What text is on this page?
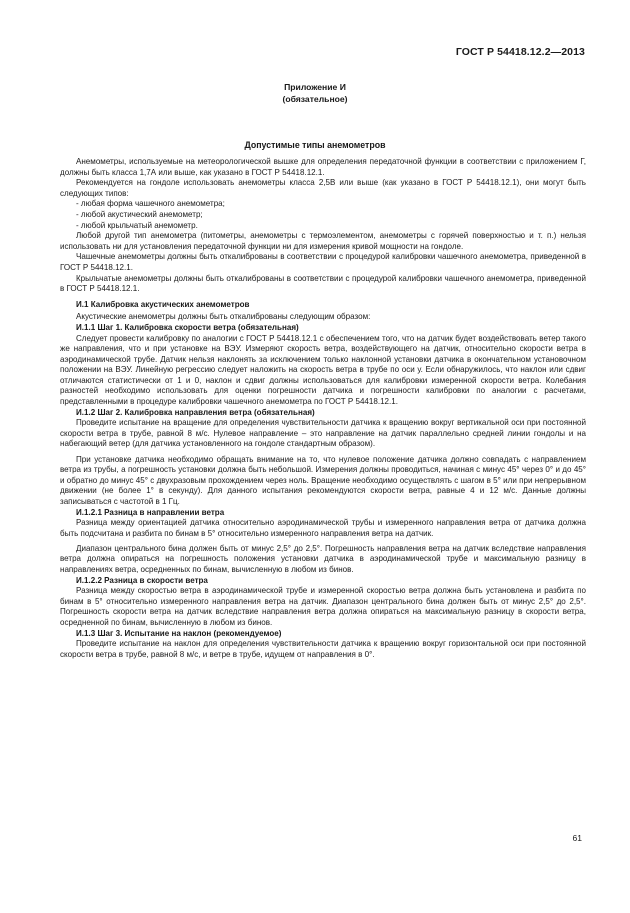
ГОСТ Р 54418.12.2—2013
Приложение И
(обязательное)
Допустимые типы анемометров

Анемометры, используемые на метеорологической вышке для определения передаточной функции в соответствии с приложением Г, должны быть класса 1,7А или выше, как указано в ГОСТ Р 54418.12.1.

Рекомендуется на гондоле использовать анемометры класса 2,5B или выше (как указано в ГОСТ Р 54418.12.1), они могут быть следующих типов:

- любая форма чашечного анемометра;

- любой акустический анемометр;

- любой крыльчатый анемометр.

Любой другой тип анемометра (питометры, анемометры с термоэлементом, анемометры с горячей поверхностью и т. п.) нельзя использовать ни для установления передаточной функции ни для измерения кривой мощности на гондоле.

Чашечные анемометры должны быть откалиброваны в соответствии с процедурой калибровки чашечного анемометра, приведенной в ГОСТ Р 54418.12.1.

Крыльчатые анемометры должны быть откалиброваны в соответствии с процедурой калибровки чашечного анемометра, приведенной в ГОСТ Р 54418.12.1.

И.1 Калибровка акустических анемометров

Акустические анемометры должны быть откалиброваны следующим образом:

И.1.1 Шаг 1. Калибровка скорости ветра (обязательная)

Следует провести калибровку по аналогии с ГОСТ Р 54418.12.1 с обеспечением того, что на датчик будет воздействовать ветер такого же направления, что и при установке на ВЭУ. Измеряют скорость ветра, воздействующего на датчик, относительно скорости ветра в аэродинамической трубе. Датчик нельзя наклонять за исключением только наклонной установки датчика в окончательном установочном положении на ВЭУ. Линейную регрессию следует наложить на скорость ветра в трубе по оси у. Если обнаружилось, что наклон или сдвиг отличаются статистически от 1 и 0, наклон и сдвиг должны использоваться для калибровки измеренной скорости ветра. Колебания разностей необходимо использовать для оценки погрешности датчика и погрешности калибровки по аналогии с расчетами, представленными в процедуре калибровки чашечного анемометра по ГОСТ Р 54418.12.1.

И.1.2 Шаг 2. Калибровка направления ветра (обязательная)

Проведите испытание на вращение для определения чувствительности датчика к вращению вокруг вертикальной оси при постоянной скорости ветра в трубе, равной 8 м/с. Нулевое направление – это направление на датчик параллельно средней линии гондолы и на набегающий ветер (для датчика установленного на гондоле стандартным образом).

При установке датчика необходимо обращать внимание на то, что нулевое положение датчика должно совпадать с направлением ветра из трубы, а погрешность установки должна быть небольшой. Измерения должны проводиться, начиная с минус 45° через 0° и до 45° и обратно до минус 45° с двухразовым прохождением через ноль. Вращение необходимо осуществлять с шагом в 5° или при непрерывном движении (не более 1° в секунду). Для данного испытания рекомендуются скорости ветра, равные 4 и 12 м/с. Данные должны записываться с частотой в 1 Гц.

И.1.2.1 Разница в направлении ветра

Разница между ориентацией датчика относительно аэродинамической трубы и измеренного направления ветра от датчика должна быть подсчитана и разбита по бинам в 5° относительно измеренного направления ветра на датчик.

Диапазон центрального бина должен быть от минус 2,5° до 2,5°. Погрешность направления ветра на датчик вследствие направления ветра должна опираться на погрешность положения установки датчика в аэродинамической трубе и максимальную разницу в направлениях ветра, осредненных по бинам, вычисленную в любом из бинов.

И.1.2.2 Разница в скорости ветра

Разница между скоростью ветра в аэродинамической трубе и измеренной скоростью ветра должна быть установлена и разбита по бинам в 5° относительно измеренного направления ветра на датчик. Диапазон центрального бина должен быть от минус 2,5° до 2,5°. Погрешность скорости ветра на датчик вследствие направления ветра должна опираться на максимальную разницу в скорости ветра, осредненной по бинам, вычисленную в любом из бинов.

И.1.3 Шаг 3. Испытание на наклон (рекомендуемое)

Проведите испытание на наклон для определения чувствительности датчика к вращению вокруг горизонтальной оси при постоянной скорости ветра в трубе, равной 8 м/с, и ветре в трубе, идущем от направления в 0°.

61
